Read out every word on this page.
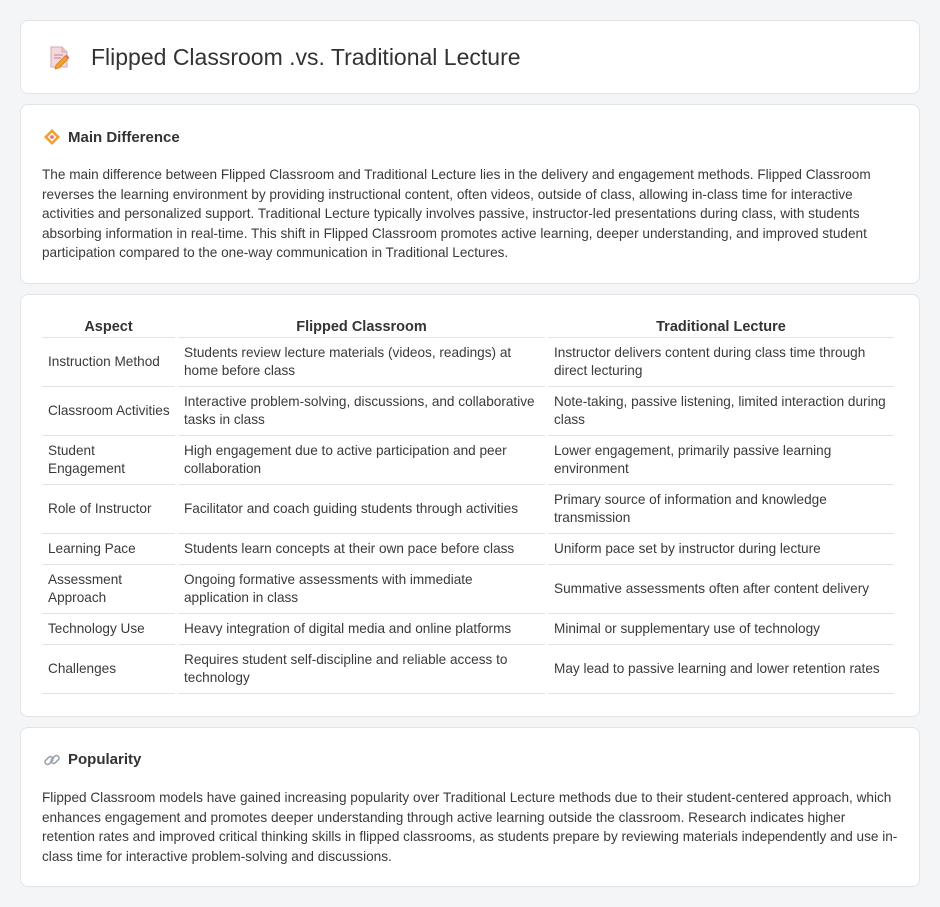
Flipped Classroom .vs. Traditional Lecture
Main Difference

The main difference between Flipped Classroom and Traditional Lecture lies in the delivery and engagement methods. Flipped Classroom reverses the learning environment by providing instructional content, often videos, outside of class, allowing in-class time for interactive activities and personalized support. Traditional Lecture typically involves passive, instructor-led presentations during class, with students absorbing information in real-time. This shift in Flipped Classroom promotes active learning, deeper understanding, and improved student participation compared to the one-way communication in Traditional Lectures.

Aspect	Flipped Classroom	Traditional Lecture
Instruction Method	Students review lecture materials (videos, readings) at home before class	Instructor delivers content during class time through direct lecturing
Classroom Activities	Interactive problem-solving, discussions, and collaborative tasks in class	Note-taking, passive listening, limited interaction during class
Student Engagement	High engagement due to active participation and peer collaboration	Lower engagement, primarily passive learning environment
Role of Instructor	Facilitator and coach guiding students through activities	Primary source of information and knowledge transmission
Learning Pace	Students learn concepts at their own pace before class	Uniform pace set by instructor during lecture
Assessment Approach	Ongoing formative assessments with immediate application in class	Summative assessments often after content delivery
Technology Use	Heavy integration of digital media and online platforms	Minimal or supplementary use of technology
Challenges	Requires student self-discipline and reliable access to technology	May lead to passive learning and lower retention rates
Popularity

Flipped Classroom models have gained increasing popularity over Traditional Lecture methods due to their student-centered approach, which enhances engagement and promotes deeper understanding through active learning outside the classroom. Research indicates higher retention rates and improved critical thinking skills in flipped classrooms, as students prepare by reviewing materials independently and use in-class time for interactive problem-solving and discussions.
